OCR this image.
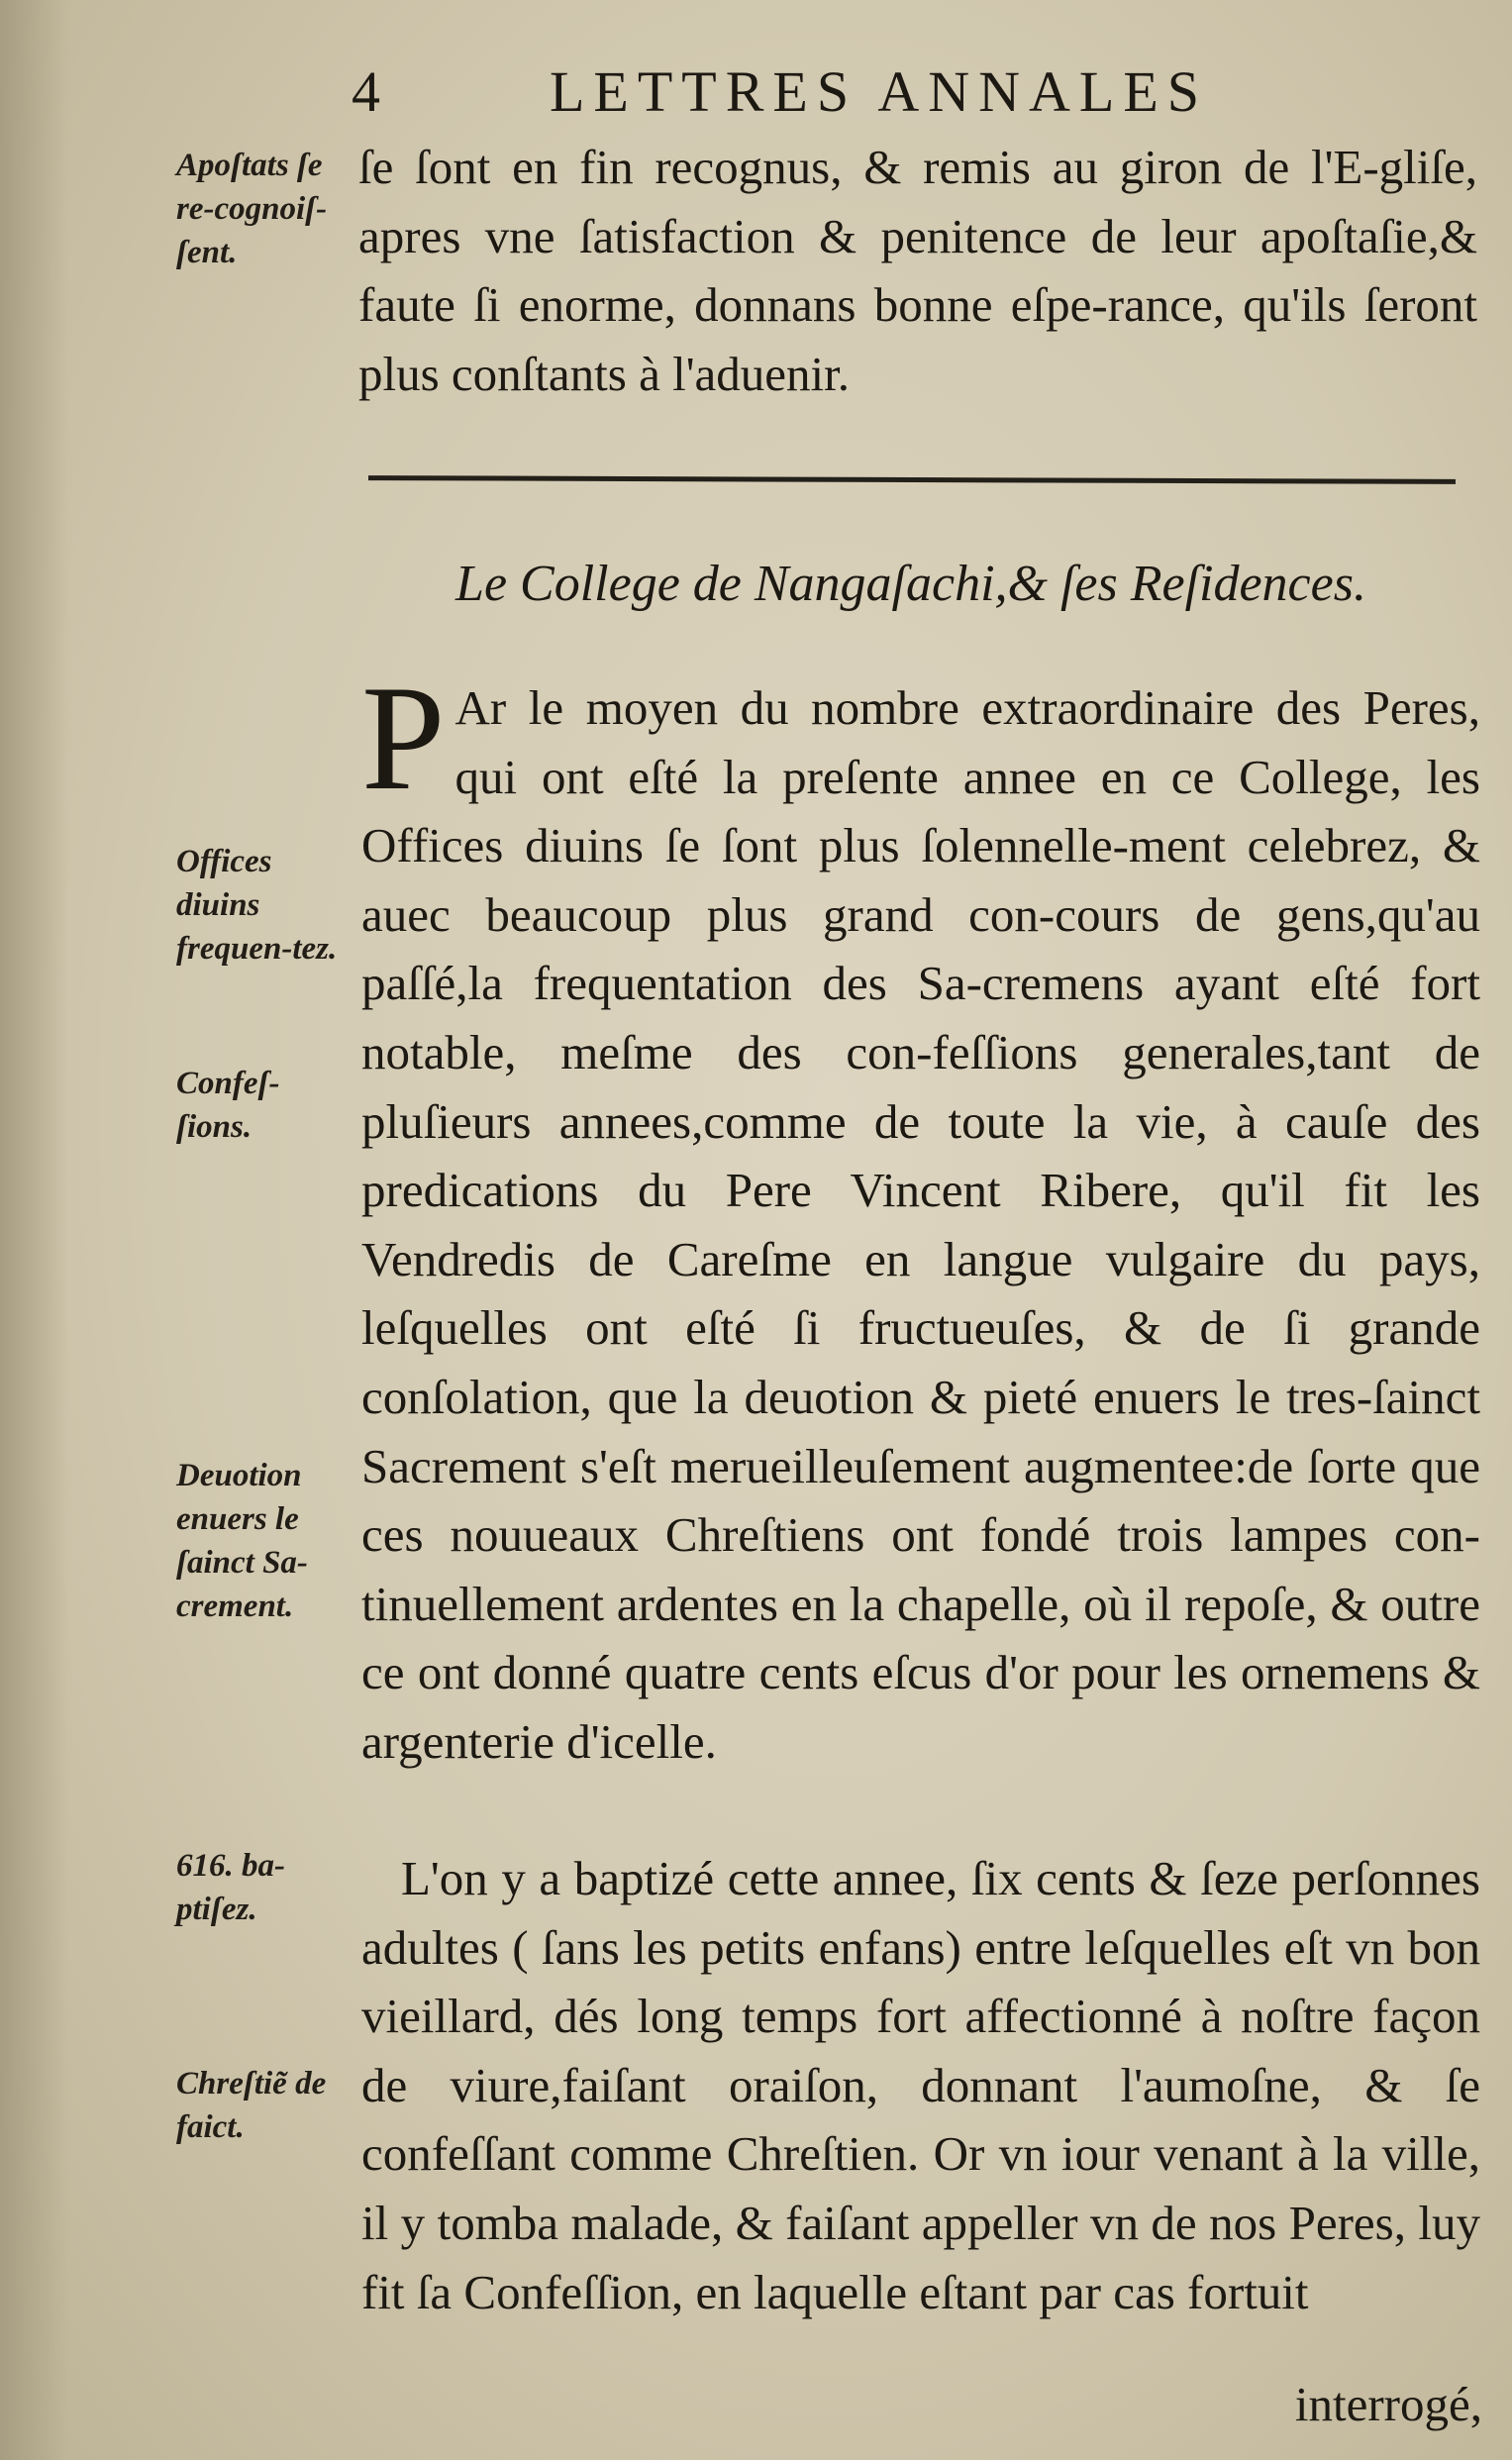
4	LETTRES ANNALES
Apoſtats ſe re-cognoiſ-ſent.
ſe ſont en fin recognus, & remis au giron de l'E-gliſe, apres vne ſatisfaction & penitence de leur apoſtaſie,& faute ſi enorme, donnans bonne eſpe-rance, qu'ils ſeront plus conſtants à l'aduenir.
Le College de Nangaſachi,& ſes Reſidences.
Offices diuins frequen-tez.
Confeſ-ſions.
Deuotion enuers le ſainct Sa-crement.
616. ba-ptiſez.
Chreſtiẽ de faict.
P Ar le moyen du nombre extraordinaire des Peres, qui ont eſté la preſente annee en ce College, les Offices diuins ſe ſont plus ſolennelle-ment celebrez, & auec beaucoup plus grand con-cours de gens,qu'au paſſé,la frequentation des Sa-cremens ayant eſté fort notable, meſme des con-feſſions generales,tant de pluſieurs annees,comme de toute la vie, à cauſe des predications du Pere Vincent Ribere, qu'il fit les Vendredis de Careſme en langue vulgaire du pays, leſquelles ont eſté ſi fructueuſes, & de ſi grande conſolation, que la deuotion & pieté enuers le tres-ſainct Sacrement s'eſt merueilleuſement augmentee:de ſorte que ces nouueaux Chreſtiens ont fondé trois lampes con-tinuellement ardentes en la chapelle, où il repoſe, & outre ce ont donné quatre cents eſcus d'or pour les ornemens & argenterie d'icelle.
L'on y a baptizé cette annee, ſix cents & ſeze perſonnes adultes ( ſans les petits enfans) entre leſquelles eſt vn bon vieillard, dés long temps fort affectionné à noſtre façon de viure,faiſant oraiſon, donnant l'aumoſne, & ſe confeſſant comme Chreſtien. Or vn iour venant à la ville, il y tomba malade, & faiſant appeller vn de nos Peres, luy fit ſa Confeſſion, en laquelle eſtant par cas fortuit
interrogé,
